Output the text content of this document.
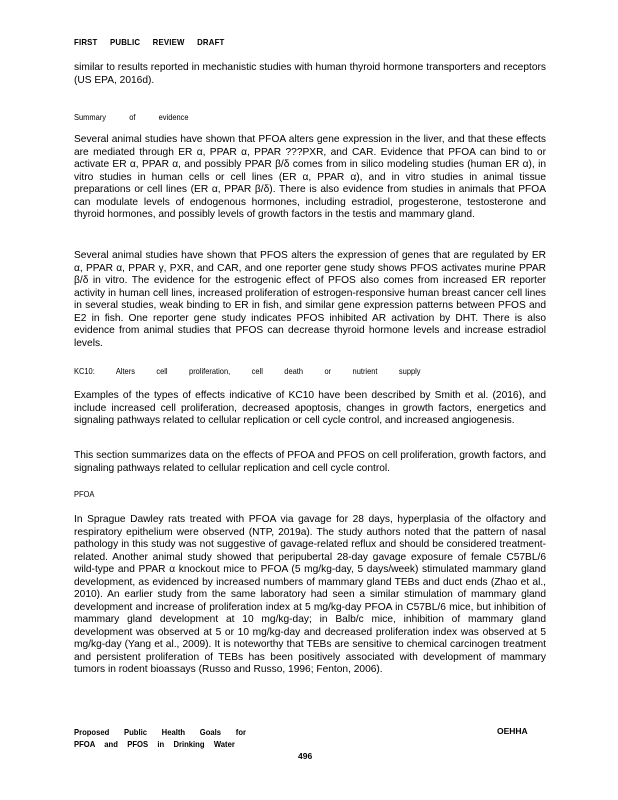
FIRST PUBLIC REVIEW DRAFT

similar to results reported in mechanistic studies with human thyroid hormone transporters and receptors (US EPA, 2016d).

Summary of evidence

Several animal studies have shown that PFOA alters gene expression in the liver, and that these effects are mediated through ER α, PPAR α, PPAR ???PXR, and CAR. Evidence that PFOA can bind to or activate ER α, PPAR α, and possibly PPAR β/δ comes from in silico modeling studies (human ER α), in vitro studies in human cells or cell lines (ER α, PPAR α), and in vitro studies in animal tissue preparations or cell lines (ER α, PPAR β/δ). There is also evidence from studies in animals that PFOA can modulate levels of endogenous hormones, including estradiol, progesterone, testosterone and thyroid hormones, and possibly levels of growth factors in the testis and mammary gland.

Several animal studies have shown that PFOS alters the expression of genes that are regulated by ER α, PPAR α, PPAR γ, PXR, and CAR, and one reporter gene study shows PFOS activates murine PPAR β/δ in vitro. The evidence for the estrogenic effect of PFOS also comes from increased ER reporter activity in human cell lines, increased proliferation of estrogen-responsive human breast cancer cell lines in several studies, weak binding to ER in fish, and similar gene expression patterns between PFOS and E2 in fish. One reporter gene study indicates PFOS inhibited AR activation by DHT. There is also evidence from animal studies that PFOS can decrease thyroid hormone levels and increase estradiol levels.

KC10: Alters cell proliferation, cell death or nutrient supply

Examples of the types of effects indicative of KC10 have been described by Smith et al. (2016), and include increased cell proliferation, decreased apoptosis, changes in growth factors, energetics and signaling pathways related to cellular replication or cell cycle control, and increased angiogenesis.

This section summarizes data on the effects of PFOA and PFOS on cell proliferation, growth factors, and signaling pathways related to cellular replication and cell cycle control.

PFOA

In Sprague Dawley rats treated with PFOA via gavage for 28 days, hyperplasia of the olfactory and respiratory epithelium were observed (NTP, 2019a). The study authors noted that the pattern of nasal pathology in this study was not suggestive of gavage-related reflux and should be considered treatment-related. Another animal study showed that peripubertal 28-day gavage exposure of female C57BL/6 wild-type and PPAR α knockout mice to PFOA (5 mg/kg-day, 5 days/week) stimulated mammary gland development, as evidenced by increased numbers of mammary gland TEBs and duct ends (Zhao et al., 2010). An earlier study from the same laboratory had seen a similar stimulation of mammary gland development and increase of proliferation index at 5 mg/kg-day PFOA in C57BL/6 mice, but inhibition of mammary gland development at 10 mg/kg-day; in Balb/c mice, inhibition of mammary gland development was observed at 5 or 10 mg/kg-day and decreased proliferation index was observed at 5 mg/kg-day (Yang et al., 2009). It is noteworthy that TEBs are sensitive to chemical carcinogen treatment and persistent proliferation of TEBs has been positively associated with development of mammary tumors in rodent bioassays (Russo and Russo, 1996; Fenton, 2006).

Proposed Public Health Goals for
PFOA and PFOS in Drinking Water
OEHHA
496
